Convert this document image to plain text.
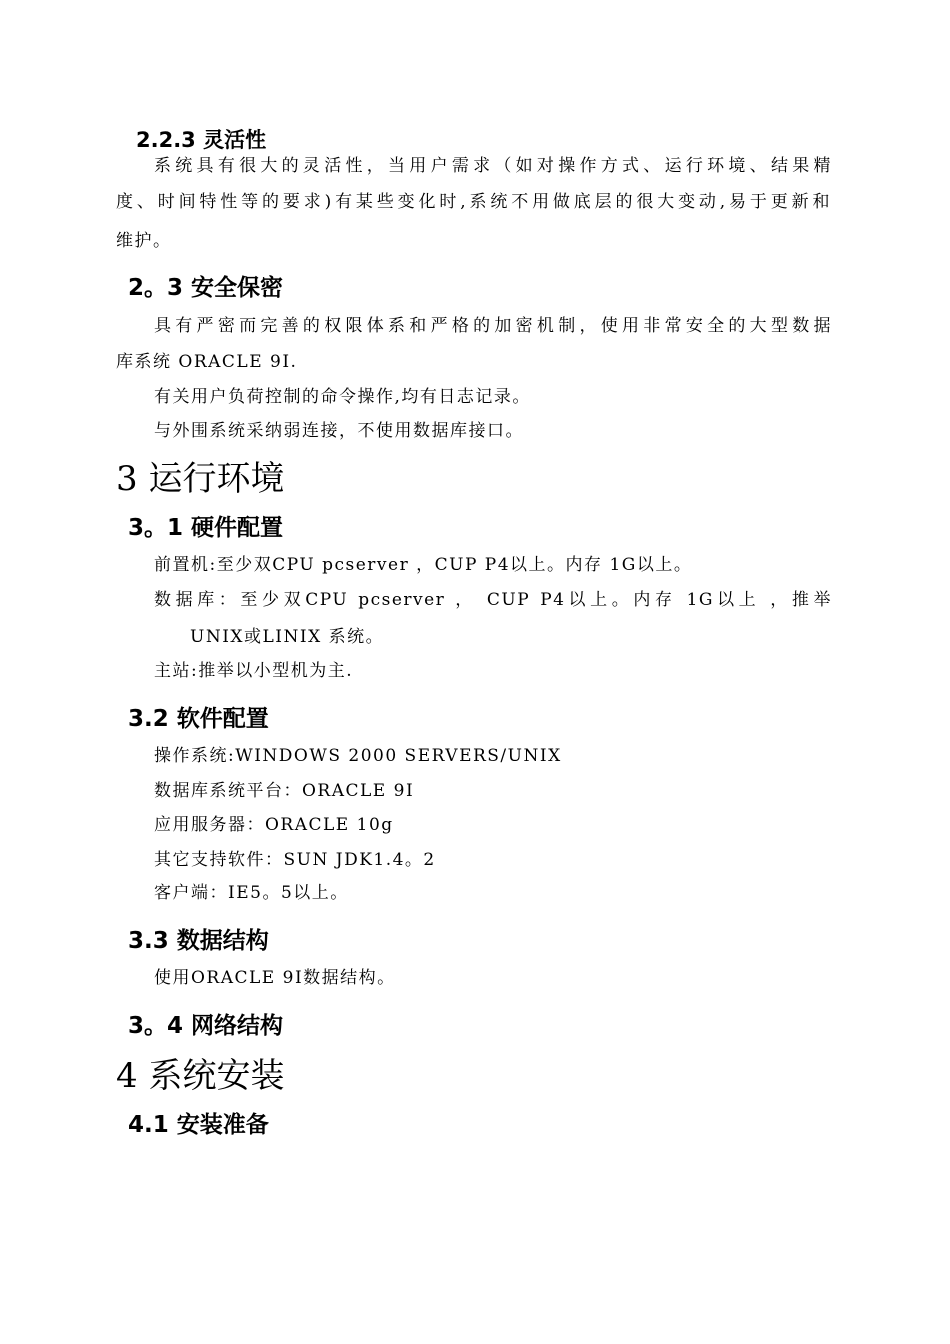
2.2.3 灵活性
系统具有很大的灵活性，当用户需求（如对操作方式、运行环境、结果精
度、时间特性等的要求)有某些变化时,系统不用做底层的很大变动,易于更新和
维护。
2。3 安全保密
具有严密而完善的权限体系和严格的加密机制，使用非常安全的大型数据
库系统 ORACLE 9I.
有关用户负荷控制的命令操作,均有日志记录。
与外围系统采纳弱连接，不使用数据库接口。
3 运行环境
3。1 硬件配置
前置机:至少双CPU pcserver ，CUP P4以上。内存 1G以上。
数据库：至少双CPU pcserver ， CUP P4以上。内存 1G以上 ，推举
UNIX或LINIX 系统。
主站:推举以小型机为主.
3.2 软件配置
操作系统:WINDOWS 2000 SERVERS/UNIX
数据库系统平台：ORACLE 9I
应用服务器：ORACLE 10g
其它支持软件：SUN JDK1.4。2
客户端：IE5。5以上。
3.3 数据结构
使用ORACLE 9I数据结构。
3。4 网络结构
4 系统安装
4.1 安装准备
